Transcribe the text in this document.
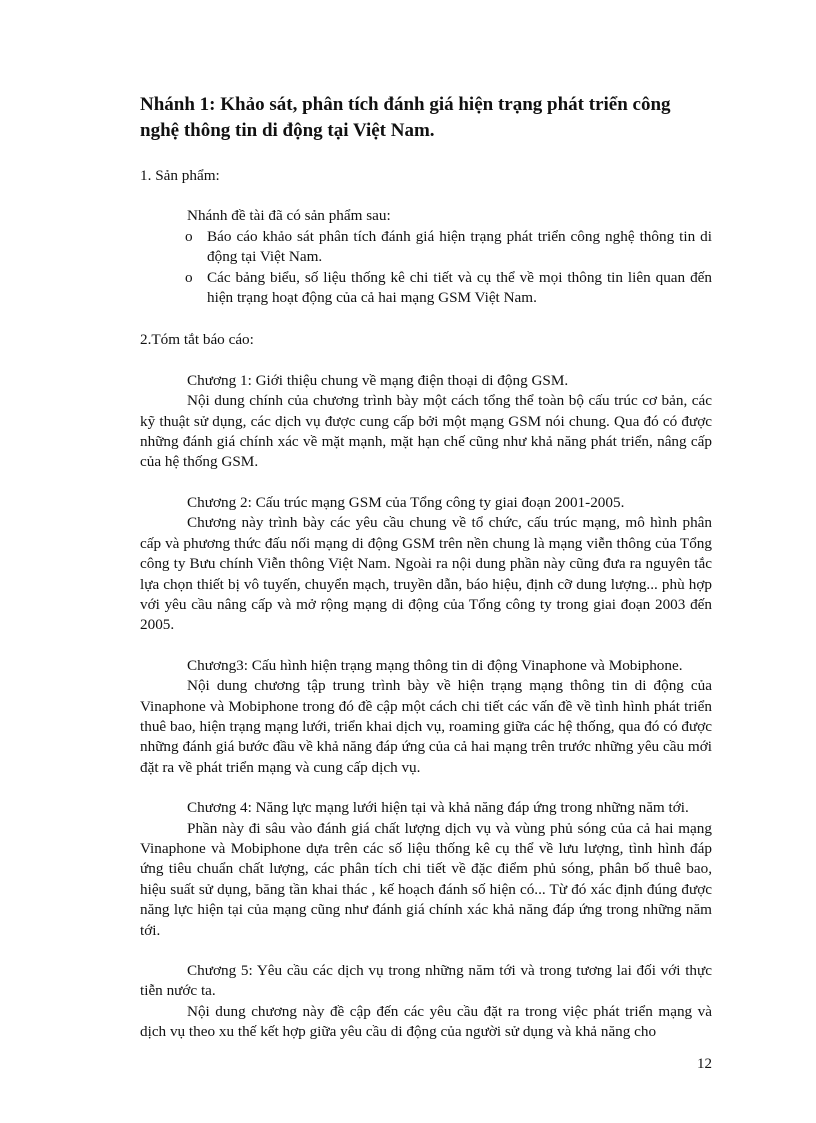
Nhánh 1: Khảo sát, phân tích đánh giá hiện trạng phát triển công nghệ thông tin di động tại Việt Nam.

1. Sản phẩm:

Nhánh đề tài đã có sản phẩm sau:

o Báo cáo khảo sát phân tích đánh giá hiện trạng phát triển công nghệ thông tin di động tại Việt Nam.
o Các bảng biểu, số liệu thống kê chi tiết và cụ thể về mọi thông tin liên quan đến hiện trạng hoạt động của cả hai mạng GSM Việt Nam.

2.Tóm tắt báo cáo:

Chương 1: Giới thiệu chung về mạng điện thoại di động GSM.

Nội dung chính của chương trình bày một cách tổng thể toàn bộ cấu trúc cơ bản, các kỹ thuật sử dụng, các dịch vụ được cung cấp bởi một mạng GSM nói chung. Qua đó có được những đánh giá chính xác về mặt mạnh, mặt hạn chế cũng như khả năng phát triển, nâng cấp của hệ thống GSM.

Chương 2: Cấu trúc mạng GSM của Tổng công ty giai đoạn 2001-2005.

Chương này trình bày các yêu cầu chung về tổ chức, cấu trúc mạng, mô hình phân cấp và phương thức đấu nối mạng di động GSM trên nền chung là mạng viễn thông của Tổng công ty Bưu chính Viễn thông Việt Nam. Ngoài ra nội dung phần này cũng đưa ra nguyên tắc lựa chọn thiết bị vô tuyến, chuyển mạch, truyền dẫn, báo hiệu, định cỡ dung lượng... phù hợp với yêu cầu nâng cấp và mở rộng mạng di động của Tổng công ty trong giai đoạn 2003 đến 2005.

Chương3: Cấu hình hiện trạng mạng thông tin di động Vinaphone và Mobiphone.

Nội dung chương tập trung trình bày về hiện trạng mạng thông tin di động của Vinaphone và Mobiphone trong đó đề cập một cách chi tiết các vấn đề về tình hình phát triển thuê bao, hiện trạng mạng lưới, triển khai dịch vụ, roaming giữa các hệ thống, qua đó có được những đánh giá bước đầu về khả năng đáp ứng của cả hai mạng trên trước những yêu cầu mới đặt ra về phát triển mạng và cung cấp dịch vụ.

Chương 4: Năng lực mạng lưới hiện tại và khả năng đáp ứng trong những năm tới.

Phần này đi sâu vào đánh giá chất lượng dịch vụ và vùng phủ sóng của cả hai mạng Vinaphone và Mobiphone dựa trên các số liệu thống kê cụ thể về lưu lượng, tình hình đáp ứng tiêu chuẩn chất lượng, các phân tích chi tiết về đặc điểm phủ sóng, phân bố thuê bao, hiệu suất sử dụng, băng tần khai thác , kế hoạch đánh số hiện có... Từ đó xác định đúng được năng lực hiện tại của mạng cũng như đánh giá chính xác khả năng đáp ứng trong những năm tới.

Chương 5: Yêu cầu các dịch vụ trong những năm tới và trong tương lai đối với thực tiễn nước ta.

Nội dung chương này đề cập đến các yêu cầu đặt ra trong việc phát triển mạng và dịch vụ theo xu thế kết hợp giữa yêu cầu di động của người sử dụng và khả năng cho

12
